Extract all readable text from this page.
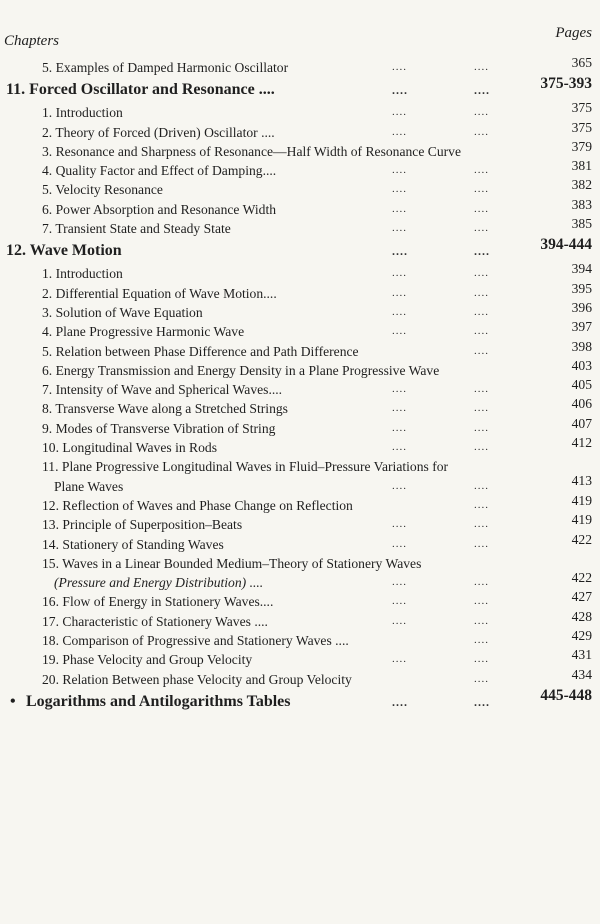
Chapters	Pages
5. Examples of Damped Harmonic Oscillator	....	....	365
11. Forced Oscillator and Resonance ....	....	....	375-393
1. Introduction	....	....	375
2. Theory of Forced (Driven) Oscillator ....	....	....	375
3. Resonance and Sharpness of Resonance—Half Width of Resonance Curve	379
4. Quality Factor and Effect of Damping....	....	....	381
5. Velocity Resonance	....	....	382
6. Power Absorption and Resonance Width	....	....	383
7. Transient State and Steady State	....	....	385
12. Wave Motion	....	....	394-444
1. Introduction	....	....	394
2. Differential Equation of Wave Motion....	....	....	395
3. Solution of Wave Equation	....	....	396
4. Plane Progressive Harmonic Wave	....	....	397
5. Relation between Phase Difference and Path Difference	....	398
6. Energy Transmission and Energy Density in a Plane Progressive Wave	403
7. Intensity of Wave and Spherical Waves....	....	....	405
8. Transverse Wave along a Stretched Strings	....	....	406
9. Modes of Transverse Vibration of String	....	....	407
10. Longitudinal Waves in Rods	....	....	412
11. Plane Progressive Longitudinal Waves in Fluid–Pressure Variations for
Plane Waves	....	....	413
12. Reflection of Waves and Phase Change on Reflection	....	419
13. Principle of Superposition–Beats	....	....	419
14. Stationery of Standing Waves	....	....	422
15. Waves in a Linear Bounded Medium–Theory of Stationery Waves
(Pressure and Energy Distribution) ....	....	....	422
16. Flow of Energy in Stationery Waves....	....	....	427
17. Characteristic of Stationery Waves ....	....	....	428
18. Comparison of Progressive and Stationery Waves ....	....	429
19. Phase Velocity and Group Velocity	....	....	431
20. Relation Between phase Velocity and Group Velocity	....	434
• Logarithms and Antilogarithms Tables	....	....	445-448
